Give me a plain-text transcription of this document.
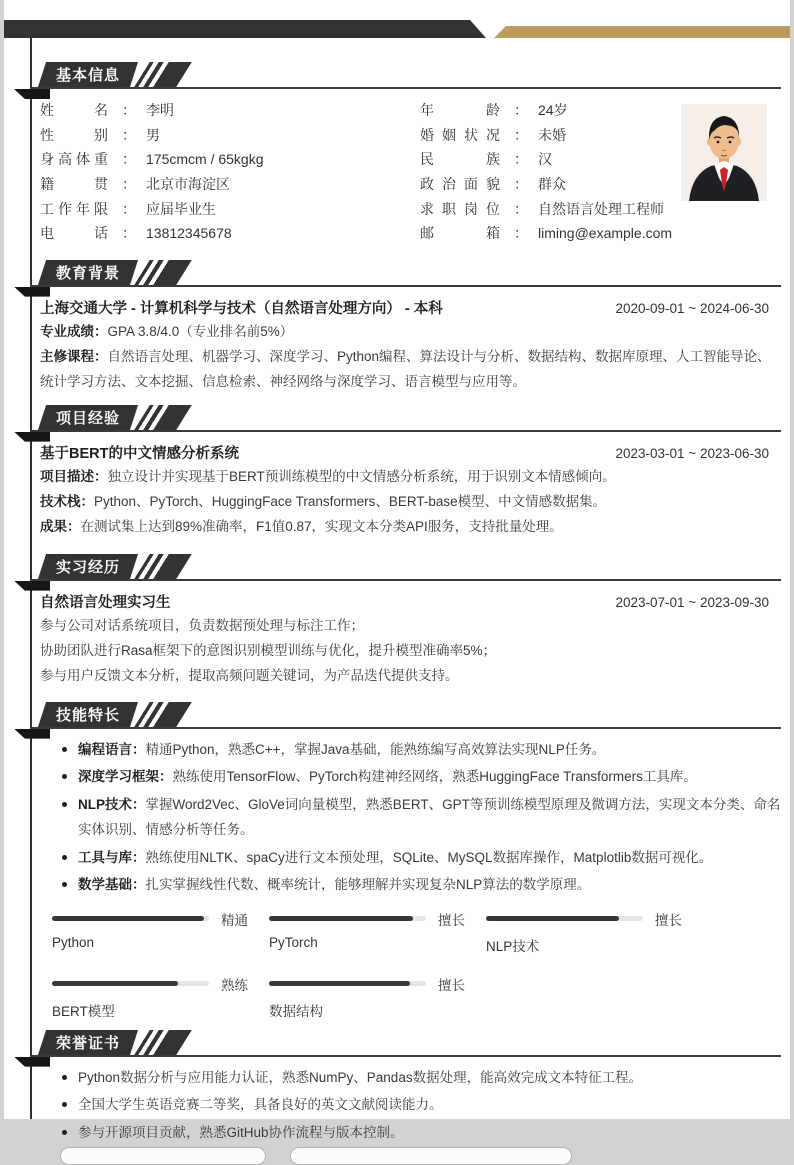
基本信息
姓名 ： 李明
性别 ： 男
身高体重 ： 175cmcm / 65kgkg
籍贯 ： 北京市海淀区
工作年限 ： 应届毕业生
电话 ： 13812345678
年龄 ： 24岁
婚姻状况 ： 未婚
民族 ： 汉
政治面貌 ： 群众
求职岗位 ： 自然语言处理工程师
邮箱 ： liming@example.com
教育背景
上海交通大学 - 计算机科学与技术（自然语言处理方向） - 本科	2020-09-01 ~ 2024-06-30

专业成绩：GPA 3.8/4.0（专业排名前5%）

主修课程：自然语言处理、机器学习、深度学习、Python编程、算法设计与分析、数据结构、数据库原理、人工智能导论、统计学习方法、文本挖掘、信息检索、神经网络与深度学习、语言模型与应用等。

项目经验
基于BERT的中文情感分析系统	2023-03-01 ~ 2023-06-30

项目描述：独立设计并实现基于BERT预训练模型的中文情感分析系统，用于识别文本情感倾向。

技术栈：Python、PyTorch、HuggingFace Transformers、BERT-base模型、中文情感数据集。

成果：在测试集上达到89%准确率，F1值0.87，实现文本分类API服务，支持批量处理。

实习经历
自然语言处理实习生	2023-07-01 ~ 2023-09-30

参与公司对话系统项目，负责数据预处理与标注工作；

协助团队进行Rasa框架下的意图识别模型训练与优化，提升模型准确率5%；

参与用户反馈文本分析，提取高频问题关键词，为产品迭代提供支持。

技能特长
编程语言：精通Python，熟悉C++，掌握Java基础，能熟练编写高效算法实现NLP任务。
深度学习框架：熟练使用TensorFlow、PyTorch构建神经网络，熟悉HuggingFace Transformers工具库。
NLP技术：掌握Word2Vec、GloVe词向量模型，熟悉BERT、GPT等预训练模型原理及微调方法，实现文本分类、命名实体识别、情感分析等任务。
工具与库：熟练使用NLTK、spaCy进行文本预处理，SQLite、MySQL数据库操作，Matplotlib数据可视化。
数学基础：扎实掌握线性代数、概率统计，能够理解并实现复杂NLP算法的数学原理。
精通
Python
擅长
PyTorch
擅长
NLP技术
熟练
BERT模型
擅长
数据结构
荣誉证书
Python数据分析与应用能力认证，熟悉NumPy、Pandas数据处理，能高效完成文本特征工程。
全国大学生英语竞赛二等奖，具备良好的英文文献阅读能力。
参与开源项目贡献，熟悉GitHub协作流程与版本控制。
